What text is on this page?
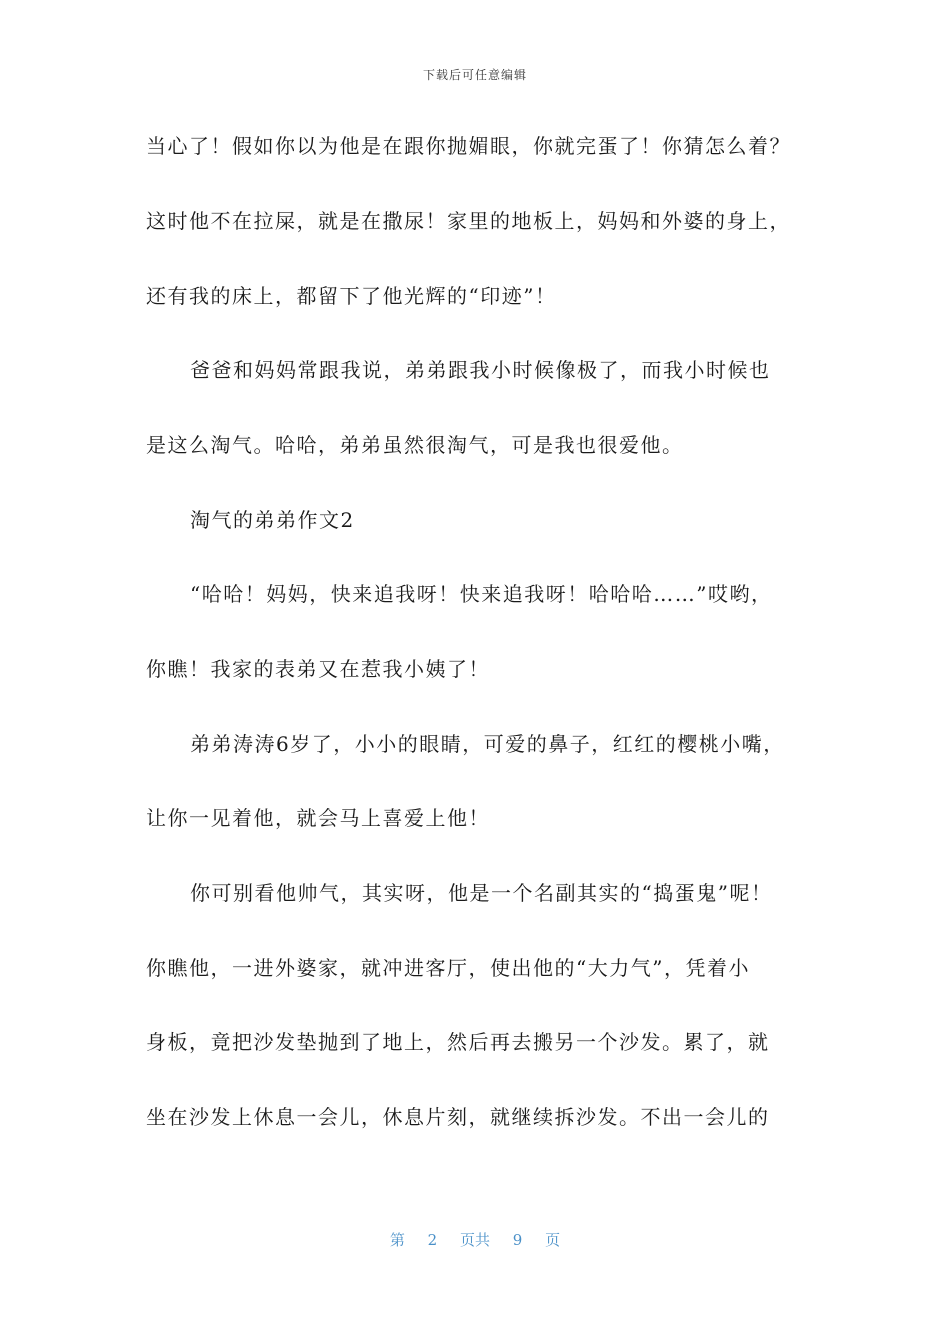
下载后可任意编辑
当心了！假如你以为他是在跟你抛媚眼，你就完蛋了！你猜怎么着？
这时他不在拉屎，就是在撒尿！家里的地板上，妈妈和外婆的身上，
还有我的床上，都留下了他光辉的“印迹”！
爸爸和妈妈常跟我说，弟弟跟我小时候像极了，而我小时候也
是这么淘气。哈哈，弟弟虽然很淘气，可是我也很爱他。
淘气的弟弟作文2
“哈哈！妈妈，快来追我呀！快来追我呀！哈哈哈……”哎哟，
你瞧！我家的表弟又在惹我小姨了！
弟弟涛涛6岁了，小小的眼睛，可爱的鼻子，红红的樱桃小嘴，
让你一见着他，就会马上喜爱上他！
你可别看他帅气，其实呀，他是一个名副其实的“捣蛋鬼”呢！
你瞧他，一进外婆家，就冲进客厅，使出他的“大力气”，凭着小
身板，竟把沙发垫抛到了地上，然后再去搬另一个沙发。累了，就
坐在沙发上休息一会儿，休息片刻，就继续拆沙发。不出一会儿的
第 2 页共 9 页
